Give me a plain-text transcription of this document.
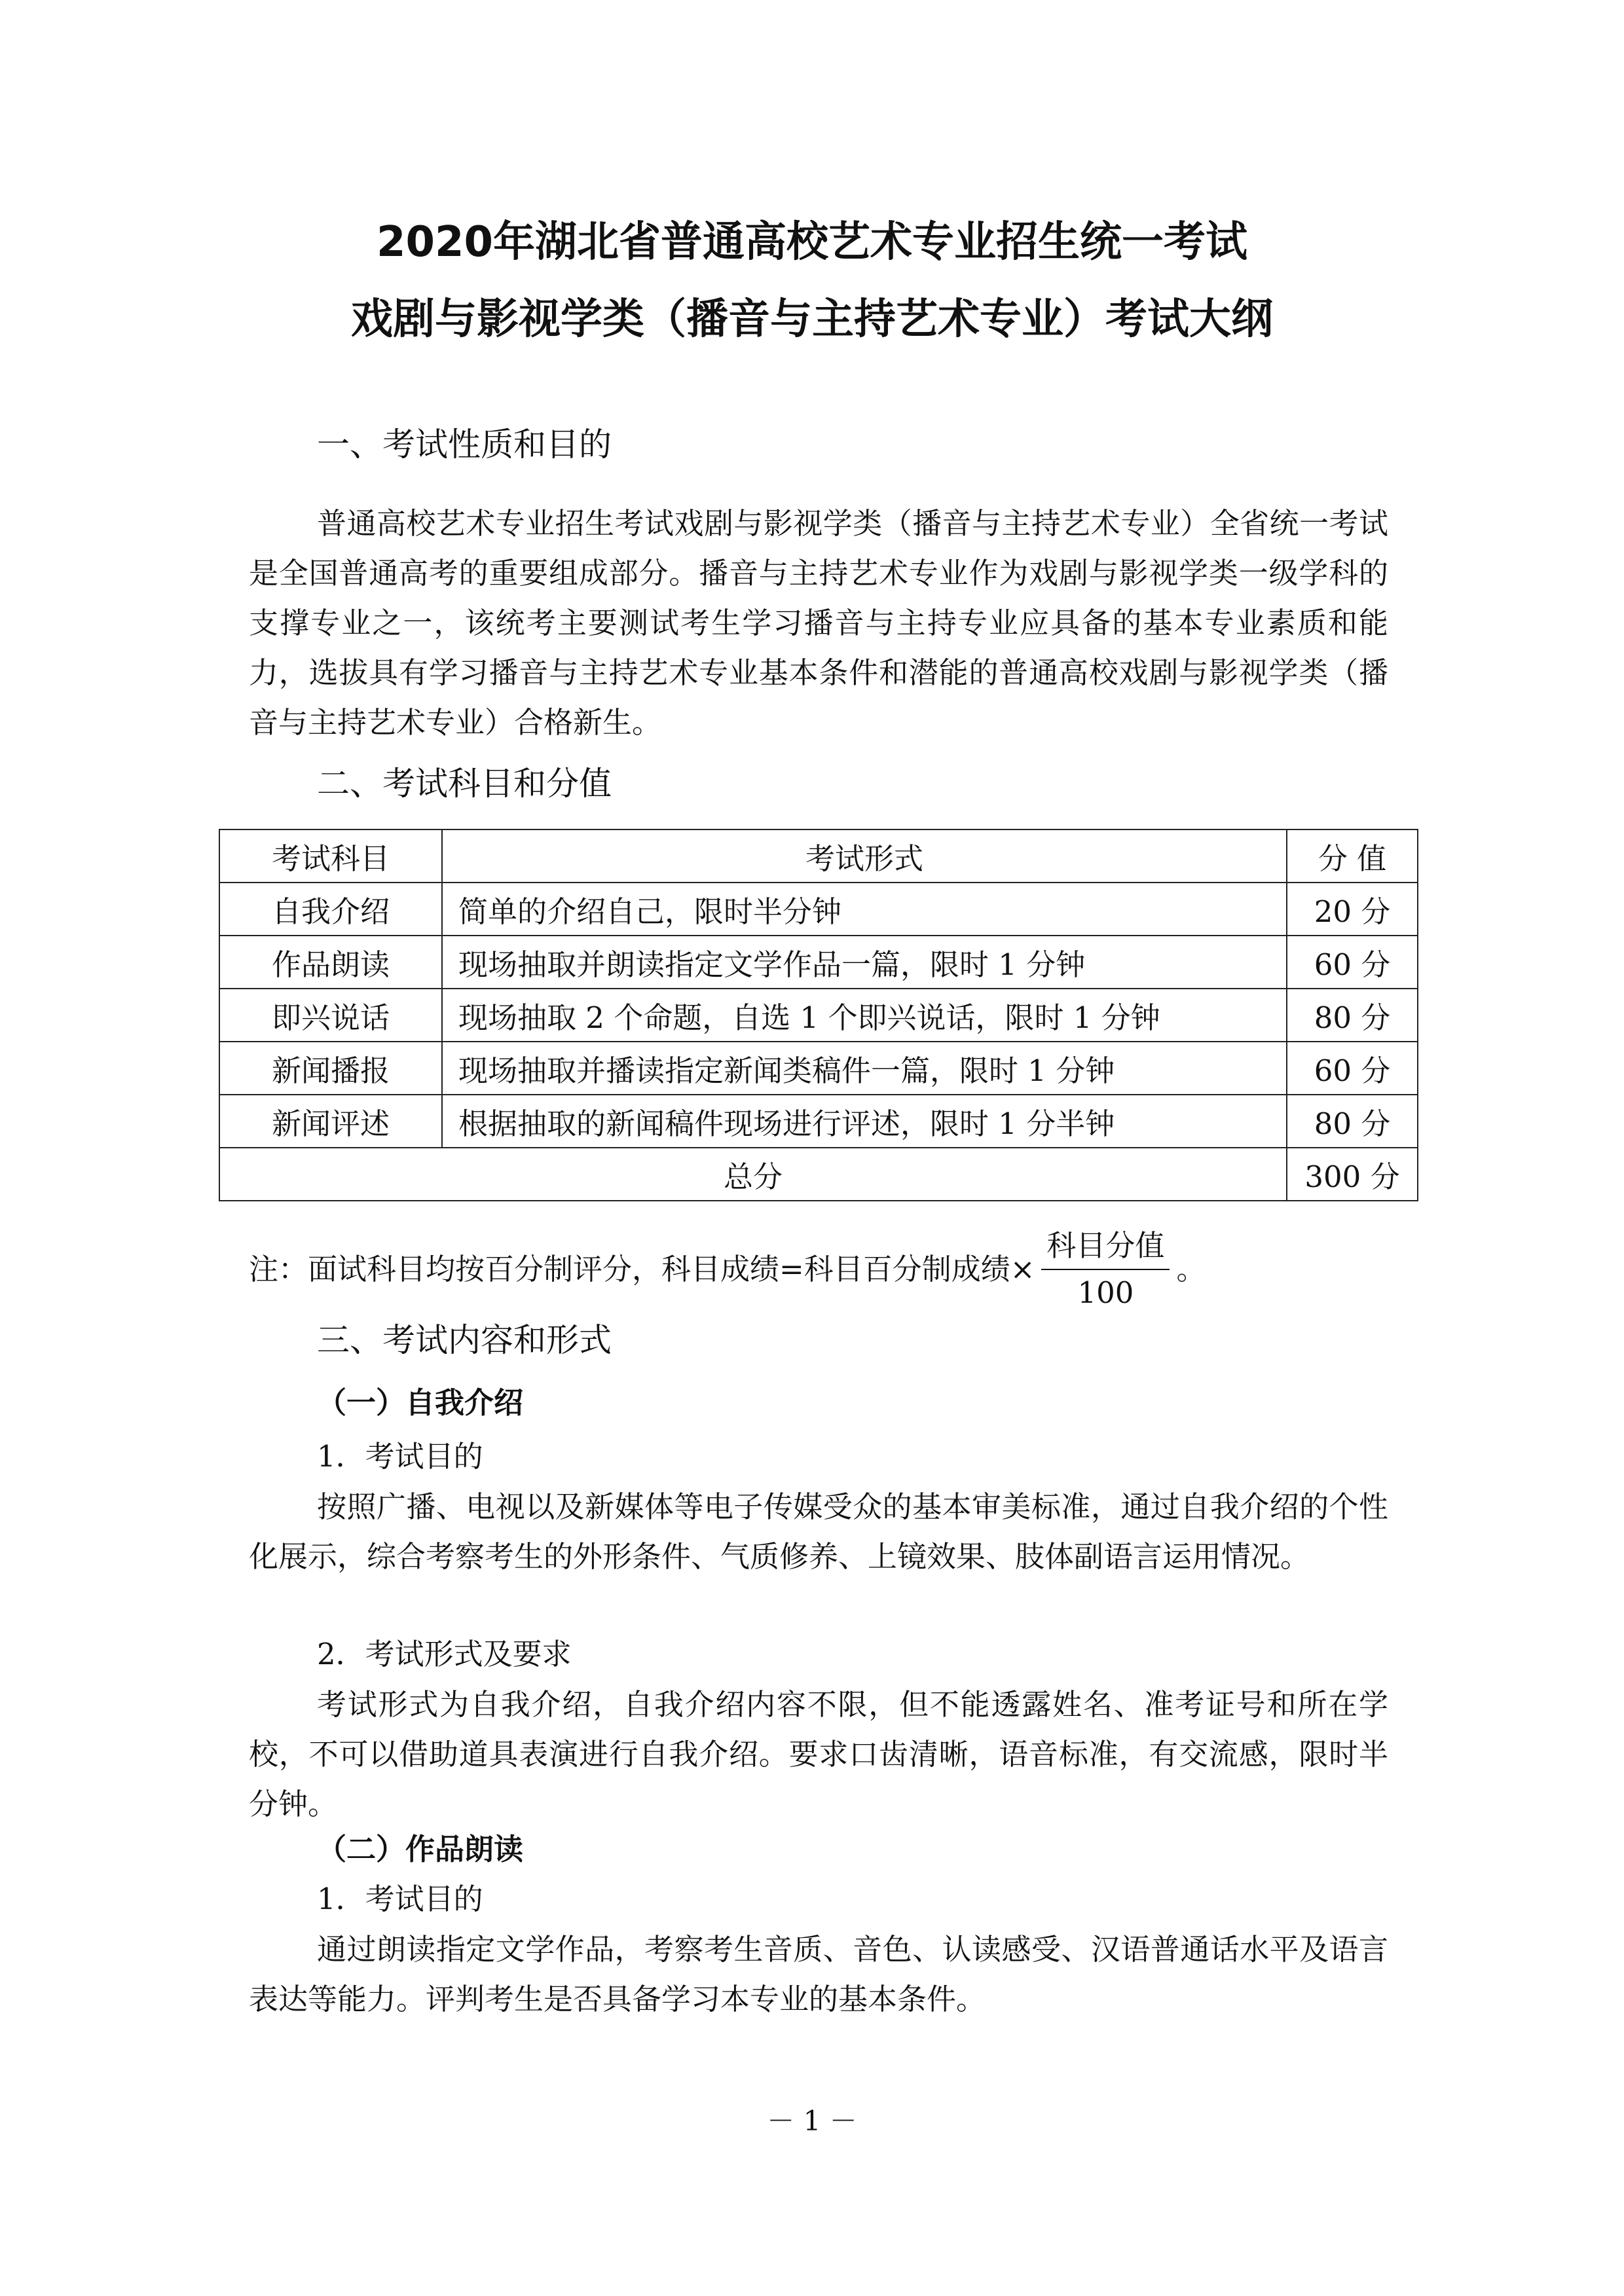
2020年湖北省普通高校艺术专业招生统一考试
戏剧与影视学类（播音与主持艺术专业）考试大纲
一、考试性质和目的

普通高校艺术专业招生考试戏剧与影视学类（播音与主持艺术专业）全省统一考试是全国普通高考的重要组成部分。播音与主持艺术专业作为戏剧与影视学类一级学科的支撑专业之一，该统考主要测试考生学习播音与主持专业应具备的基本专业素质和能力，选拔具有学习播音与主持艺术专业基本条件和潜能的普通高校戏剧与影视学类（播音与主持艺术专业）合格新生。

二、考试科目和分值
考试科目	考试形式	分 值
自我介绍	简单的介绍自己，限时半分钟	20 分
作品朗读	现场抽取并朗读指定文学作品一篇，限时 1 分钟	60 分
即兴说话	现场抽取 2 个命题，自选 1 个即兴说话，限时 1 分钟	80 分
新闻播报	现场抽取并播读指定新闻类稿件一篇，限时 1 分钟	60 分
新闻评述	根据抽取的新闻稿件现场进行评述，限时 1 分半钟	80 分
总分		300 分
注：面试科目均按百分制评分，科目成绩=科目百分制成绩× $\frac{\text{科目分值}}{100}$ 。
三、考试内容和形式
（一）自我介绍

1．考试目的

按照广播、电视以及新媒体等电子传媒受众的基本审美标准，通过自我介绍的个性化展示，综合考察考生的外形条件、气质修养、上镜效果、肢体副语言运用情况。

2．考试形式及要求

考试形式为自我介绍，自我介绍内容不限，但不能透露姓名、准考证号和所在学校，不可以借助道具表演进行自我介绍。要求口齿清晰，语音标准，有交流感，限时半分钟。

（二）作品朗读

1．考试目的

通过朗读指定文学作品，考察考生音质、音色、认读感受、汉语普通话水平及语言表达等能力。评判考生是否具备学习本专业的基本条件。

－ 1 －
